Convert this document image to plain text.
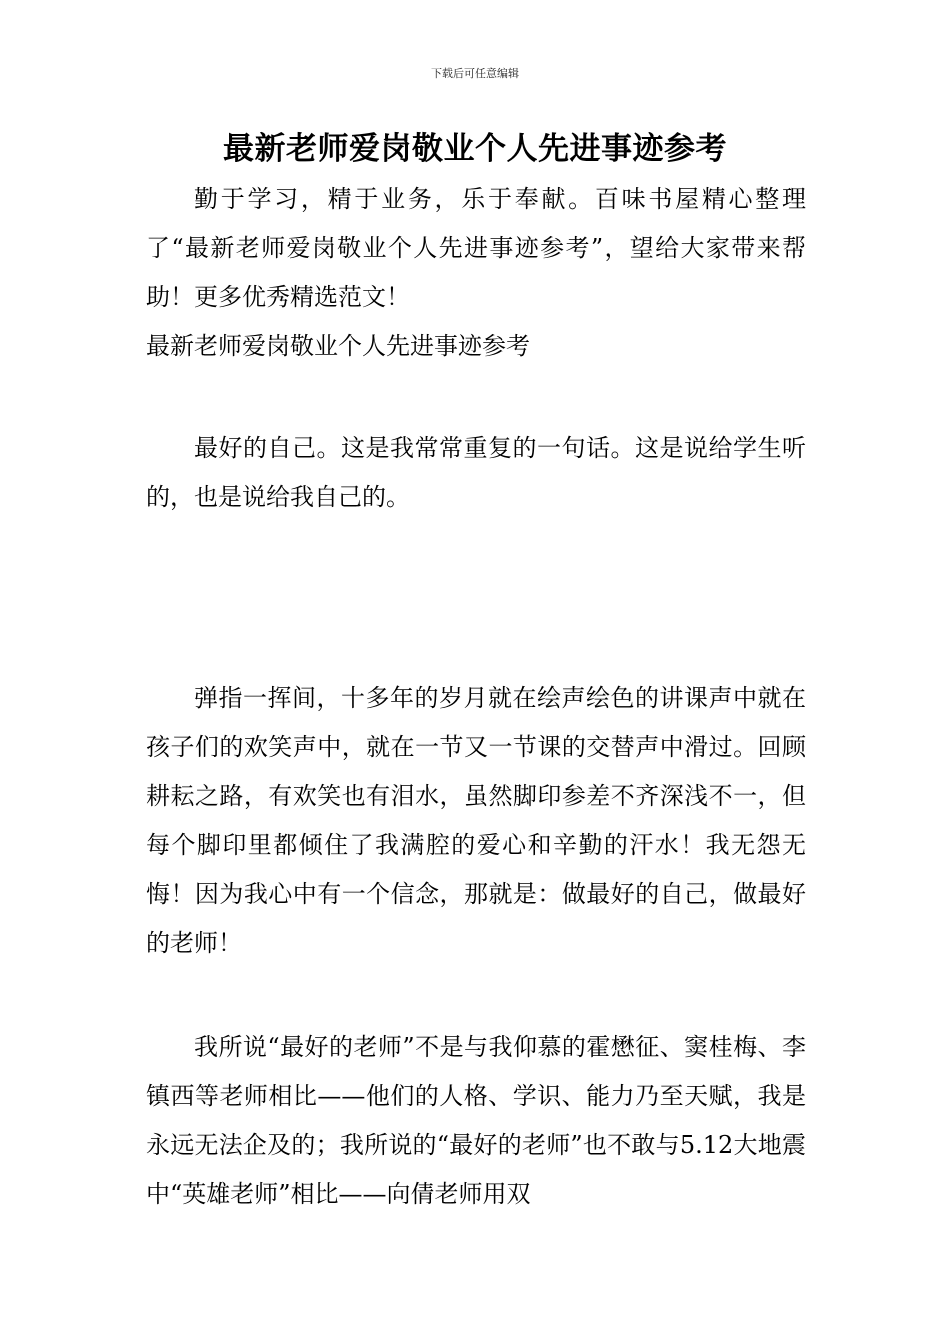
下载后可任意编辑
最新老师爱岗敬业个人先进事迹参考

勤于学习，精于业务，乐于奉献。百味书屋精心整理了“最新老师爱岗敬业个人先进事迹参考”，望给大家带来帮助！更多优秀精选范文！

最新老师爱岗敬业个人先进事迹参考

最好的自己。这是我常常重复的一句话。这是说给学生听的，也是说给我自己的。

弹指一挥间，十多年的岁月就在绘声绘色的讲课声中就在孩子们的欢笑声中，就在一节又一节课的交替声中滑过。回顾耕耘之路，有欢笑也有泪水，虽然脚印参差不齐深浅不一，但每个脚印里都倾住了我满腔的爱心和辛勤的汗水！我无怨无悔！因为我心中有一个信念，那就是：做最好的自己，做最好的老师！

我所说“最好的老师”不是与我仰慕的霍懋征、窦桂梅、李镇西等老师相比——他们的人格、学识、能力乃至天赋，我是永远无法企及的；我所说的“最好的老师”也不敢与5.12大地震中“英雄老师”相比——向倩老师用双
